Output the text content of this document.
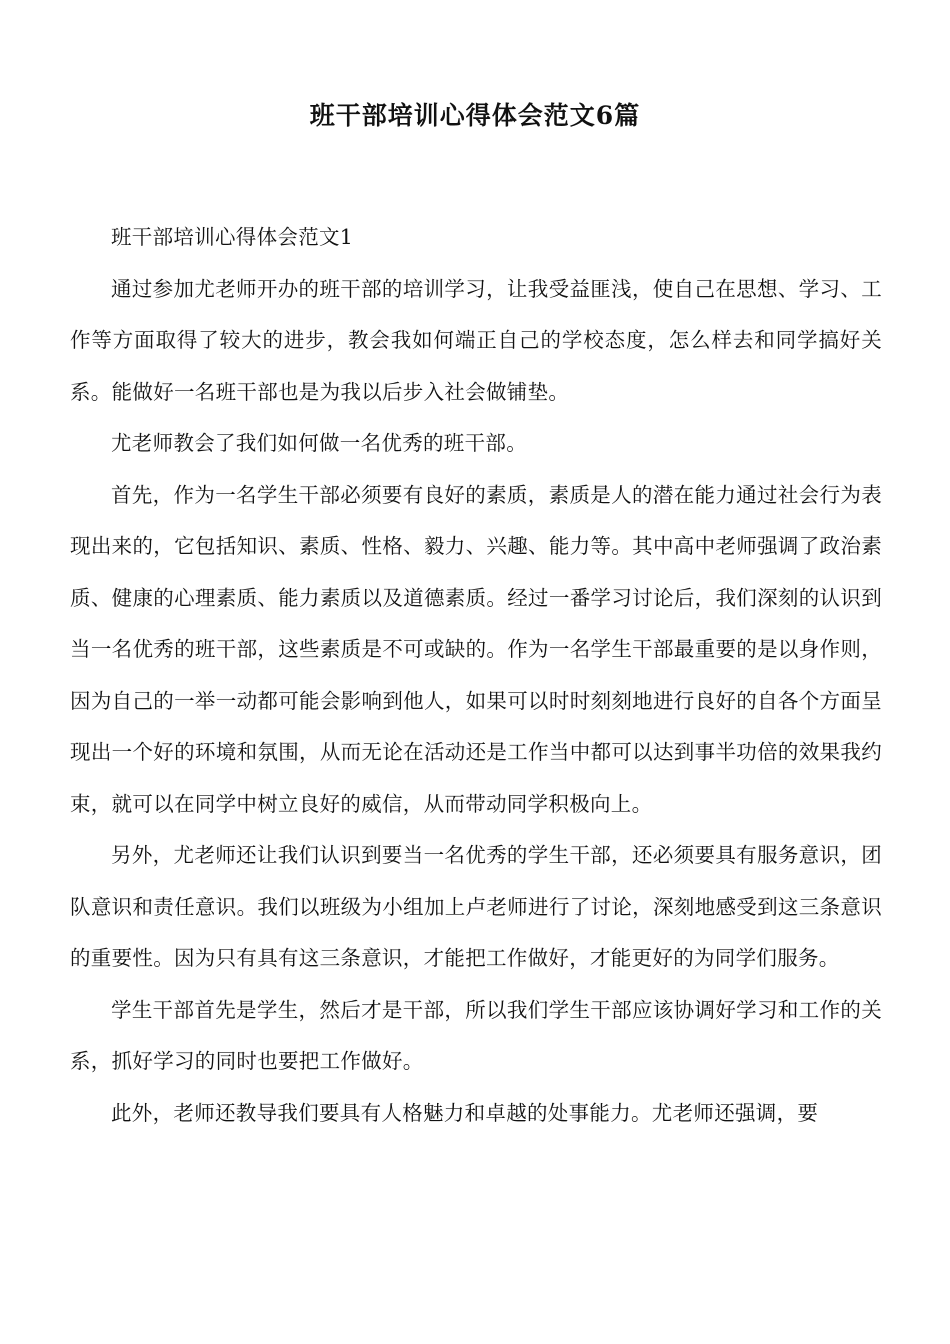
班干部培训心得体会范文6篇

班干部培训心得体会范文1

通过参加尤老师开办的班干部的培训学习，让我受益匪浅，使自己在思想、学习、工作等方面取得了较大的进步，教会我如何端正自己的学校态度，怎么样去和同学搞好关系。能做好一名班干部也是为我以后步入社会做铺垫。

尤老师教会了我们如何做一名优秀的班干部。

首先，作为一名学生干部必须要有良好的素质，素质是人的潜在能力通过社会行为表现出来的，它包括知识、素质、性格、毅力、兴趣、能力等。其中高中老师强调了政治素质、健康的心理素质、能力素质以及道德素质。经过一番学习讨论后，我们深刻的认识到当一名优秀的班干部，这些素质是不可或缺的。作为一名学生干部最重要的是以身作则，因为自己的一举一动都可能会影响到他人，如果可以时时刻刻地进行良好的自各个方面呈现出一个好的环境和氛围，从而无论在活动还是工作当中都可以达到事半功倍的效果我约束，就可以在同学中树立良好的威信，从而带动同学积极向上。

另外，尤老师还让我们认识到要当一名优秀的学生干部，还必须要具有服务意识，团队意识和责任意识。我们以班级为小组加上卢老师进行了讨论，深刻地感受到这三条意识的重要性。因为只有具有这三条意识，才能把工作做好，才能更好的为同学们服务。

学生干部首先是学生，然后才是干部，所以我们学生干部应该协调好学习和工作的关系，抓好学习的同时也要把工作做好。

此外，老师还教导我们要具有人格魅力和卓越的处事能力。尤老师还强调，要
